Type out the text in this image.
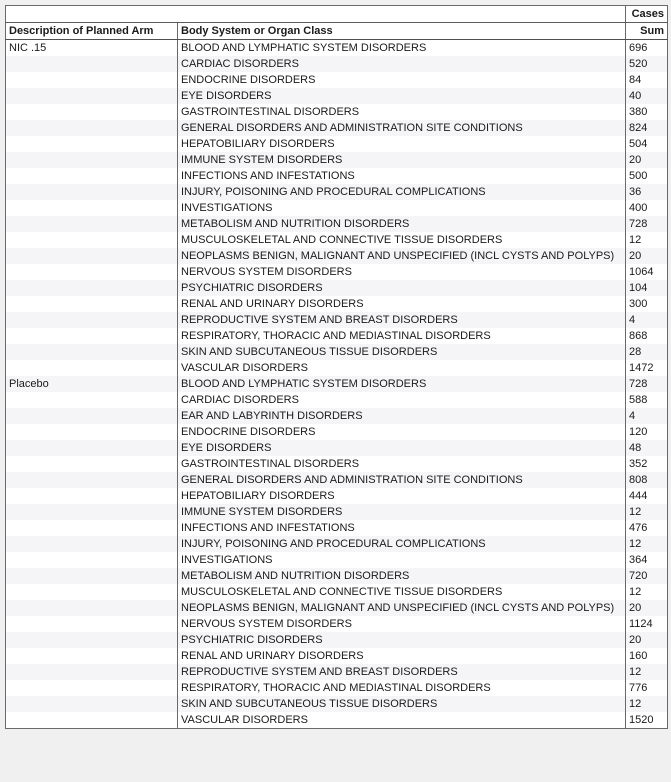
		Cases
Description of Planned Arm	Body System or Organ Class	Sum
NIC .15	BLOOD AND LYMPHATIC SYSTEM DISORDERS	696
	CARDIAC DISORDERS	520
	ENDOCRINE DISORDERS	84
	EYE DISORDERS	40
	GASTROINTESTINAL DISORDERS	380
	GENERAL DISORDERS AND ADMINISTRATION SITE CONDITIONS	824
	HEPATOBILIARY DISORDERS	504
	IMMUNE SYSTEM DISORDERS	20
	INFECTIONS AND INFESTATIONS	500
	INJURY, POISONING AND PROCEDURAL COMPLICATIONS	36
	INVESTIGATIONS	400
	METABOLISM AND NUTRITION DISORDERS	728
	MUSCULOSKELETAL AND CONNECTIVE TISSUE DISORDERS	12
	NEOPLASMS BENIGN, MALIGNANT AND UNSPECIFIED (INCL CYSTS AND POLYPS)	20
	NERVOUS SYSTEM DISORDERS	1064
	PSYCHIATRIC DISORDERS	104
	RENAL AND URINARY DISORDERS	300
	REPRODUCTIVE SYSTEM AND BREAST DISORDERS	4
	RESPIRATORY, THORACIC AND MEDIASTINAL DISORDERS	868
	SKIN AND SUBCUTANEOUS TISSUE DISORDERS	28
	VASCULAR DISORDERS	1472
Placebo	BLOOD AND LYMPHATIC SYSTEM DISORDERS	728
	CARDIAC DISORDERS	588
	EAR AND LABYRINTH DISORDERS	4
	ENDOCRINE DISORDERS	120
	EYE DISORDERS	48
	GASTROINTESTINAL DISORDERS	352
	GENERAL DISORDERS AND ADMINISTRATION SITE CONDITIONS	808
	HEPATOBILIARY DISORDERS	444
	IMMUNE SYSTEM DISORDERS	12
	INFECTIONS AND INFESTATIONS	476
	INJURY, POISONING AND PROCEDURAL COMPLICATIONS	12
	INVESTIGATIONS	364
	METABOLISM AND NUTRITION DISORDERS	720
	MUSCULOSKELETAL AND CONNECTIVE TISSUE DISORDERS	12
	NEOPLASMS BENIGN, MALIGNANT AND UNSPECIFIED (INCL CYSTS AND POLYPS)	20
	NERVOUS SYSTEM DISORDERS	1124
	PSYCHIATRIC DISORDERS	20
	RENAL AND URINARY DISORDERS	160
	REPRODUCTIVE SYSTEM AND BREAST DISORDERS	12
	RESPIRATORY, THORACIC AND MEDIASTINAL DISORDERS	776
	SKIN AND SUBCUTANEOUS TISSUE DISORDERS	12
	VASCULAR DISORDERS	1520
